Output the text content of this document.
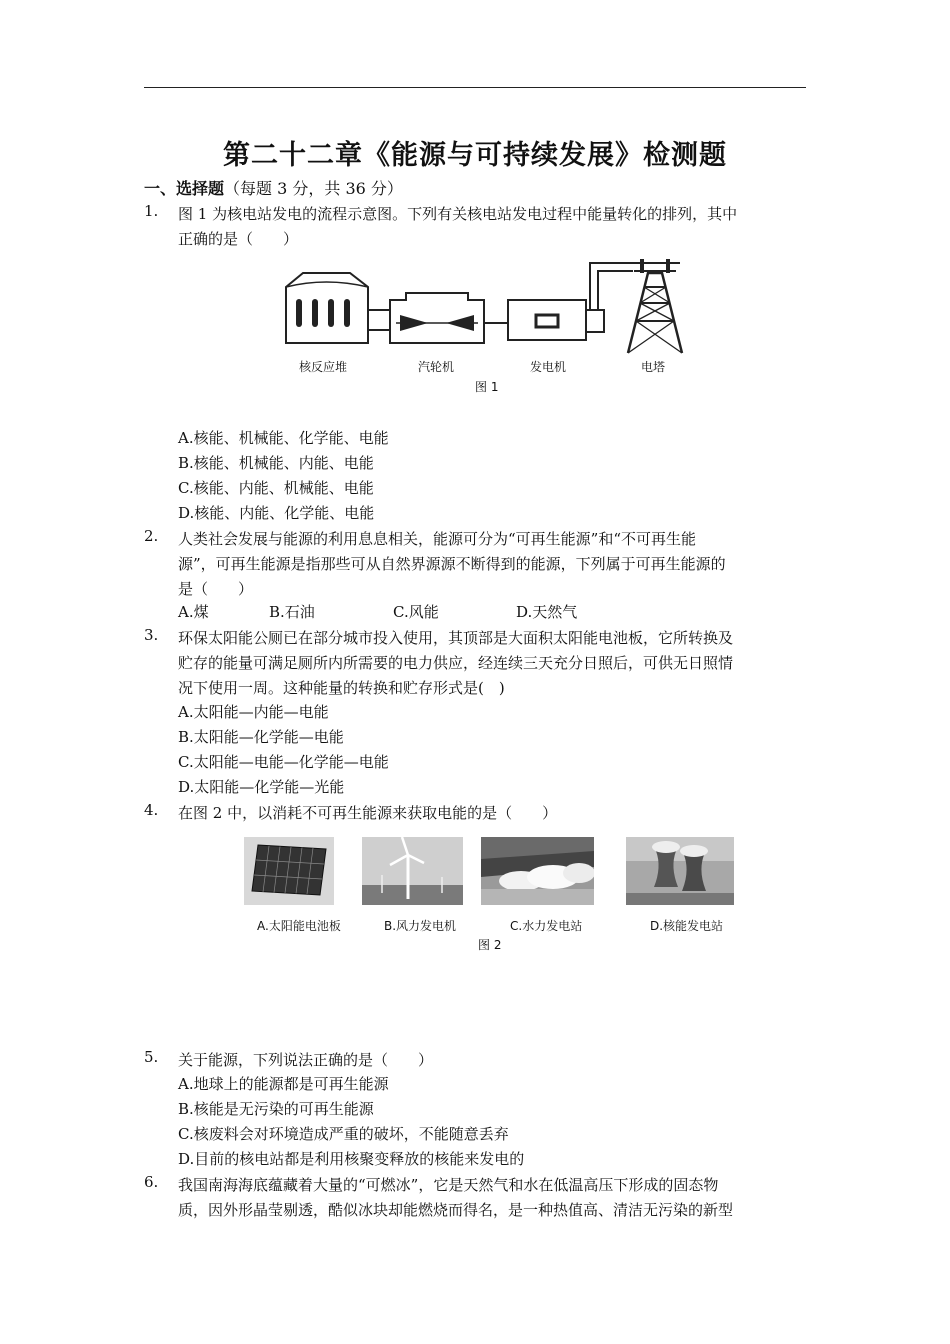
第二十二章《能源与可持续发展》检测题
一、选择题（每题 3 分，共 36 分）
1.	图 1 为核电站发电的流程示意图。下列有关核电站发电过程中能量转化的排列，其中
正确的是（　　）
核反应堆	汽轮机	发电机	电塔
图 1
A.核能、机械能、化学能、电能
B.核能、机械能、内能、电能
C.核能、内能、机械能、电能
D.核能、内能、化学能、电能
2.	人类社会发展与能源的利用息息相关，能源可分为“可再生能源”和“不可再生能
源”，可再生能源是指那些可从自然界源源不断得到的能源，下列属于可再生能源的
是（　　）
A.煤	B.石油	C.风能	D.天然气
3.	环保太阳能公厕已在部分城市投入使用，其顶部是大面积太阳能电池板，它所转换及
贮存的能量可满足厕所内所需要的电力供应，经连续三天充分日照后，可供无日照情
况下使用一周。这种能量的转换和贮存形式是(　)
A.太阳能—内能—电能
B.太阳能—化学能—电能
C.太阳能—电能—化学能—电能
D.太阳能—化学能—光能
4.	在图 2 中，以消耗不可再生能源来获取电能的是（　　）
A.太阳能电池板	B.风力发电机	C.水力发电站	D.核能发电站
图 2
5.	关于能源，下列说法正确的是（　　）
A.地球上的能源都是可再生能源
B.核能是无污染的可再生能源
C.核废料会对环境造成严重的破坏，不能随意丢弃
D.目前的核电站都是利用核聚变释放的核能来发电的
6.	我国南海海底蕴藏着大量的“可燃冰”，它是天然气和水在低温高压下形成的固态物
质，因外形晶莹剔透，酷似冰块却能燃烧而得名，是一种热值高、清洁无污染的新型
